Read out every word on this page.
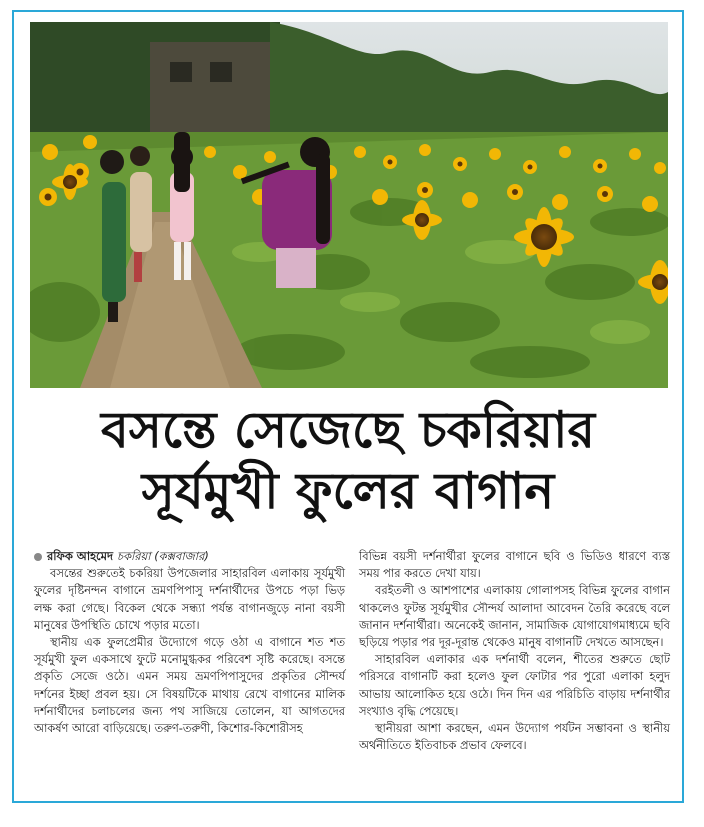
বসন্তে সেজেছে চকরিয়ার
সূর্যমুখী ফুলের বাগান
রফিক আহমেদ চকরিয়া (কক্সবাজার)

বসন্তের শুরুতেই চকরিয়া উপজেলার সাহারবিল এলাকায় সূর্যমুখী ফুলের দৃষ্টিনন্দন বাগানে ভ্রমণপিপাসু দর্শনার্থীদের উপচে পড়া ভিড় লক্ষ করা গেছে। বিকেল থেকে সন্ধ্যা পর্যন্ত বাগানজুড়ে নানা বয়সী মানুষের উপস্থিতি চোখে পড়ার মতো।

স্থানীয় এক ফুলপ্রেমীর উদ্যোগে গড়ে ওঠা এ বাগানে শত শত সূর্যমুখী ফুল একসাথে ফুটে মনোমুগ্ধকর পরিবেশ সৃষ্টি করেছে। বসন্তে প্রকৃতি সেজে ওঠে। এমন সময় ভ্রমণপিপাসুদের প্রকৃতির সৌন্দর্য দর্শনের ইচ্ছা প্রবল হয়। সে বিষয়টিকে মাথায় রেখে বাগানের মালিক দর্শনার্থীদের চলাচলের জন্য পথ সাজিয়ে তোলেন, যা আগতদের আকর্ষণ আরো বাড়িয়েছে। তরুণ-তরুণী, কিশোর-কিশোরীসহ

বিভিন্ন বয়সী দর্শনার্থীরা ফুলের বাগানে ছবি ও ভিডিও ধারণে ব্যস্ত সময় পার করতে দেখা যায়।

বরইতলী ও আশপাশের এলাকায় গোলাপসহ বিভিন্ন ফুলের বাগান থাকলেও ফুটন্ত সূর্যমুখীর সৌন্দর্য আলাদা আবেদন তৈরি করেছে বলে জানান দর্শনার্থীরা। অনেকেই জানান, সামাজিক যোগাযোগমাধ্যমে ছবি ছড়িয়ে পড়ার পর দূর-দূরান্ত থেকেও মানুষ বাগানটি দেখতে আসছেন।

সাহারবিল এলাকার এক দর্শনার্থী বলেন, শীতের শুরুতে ছোট পরিসরে বাগানটি করা হলেও ফুল ফোটার পর পুরো এলাকা হলুদ আভায় আলোকিত হয়ে ওঠে। দিন দিন এর পরিচিতি বাড়ায় দর্শনার্থীর সংখ্যাও বৃদ্ধি পেয়েছে।

স্থানীয়রা আশা করছেন, এমন উদ্যোগ পর্যটন সম্ভাবনা ও স্থানীয় অর্থনীতিতে ইতিবাচক প্রভাব ফেলবে।
